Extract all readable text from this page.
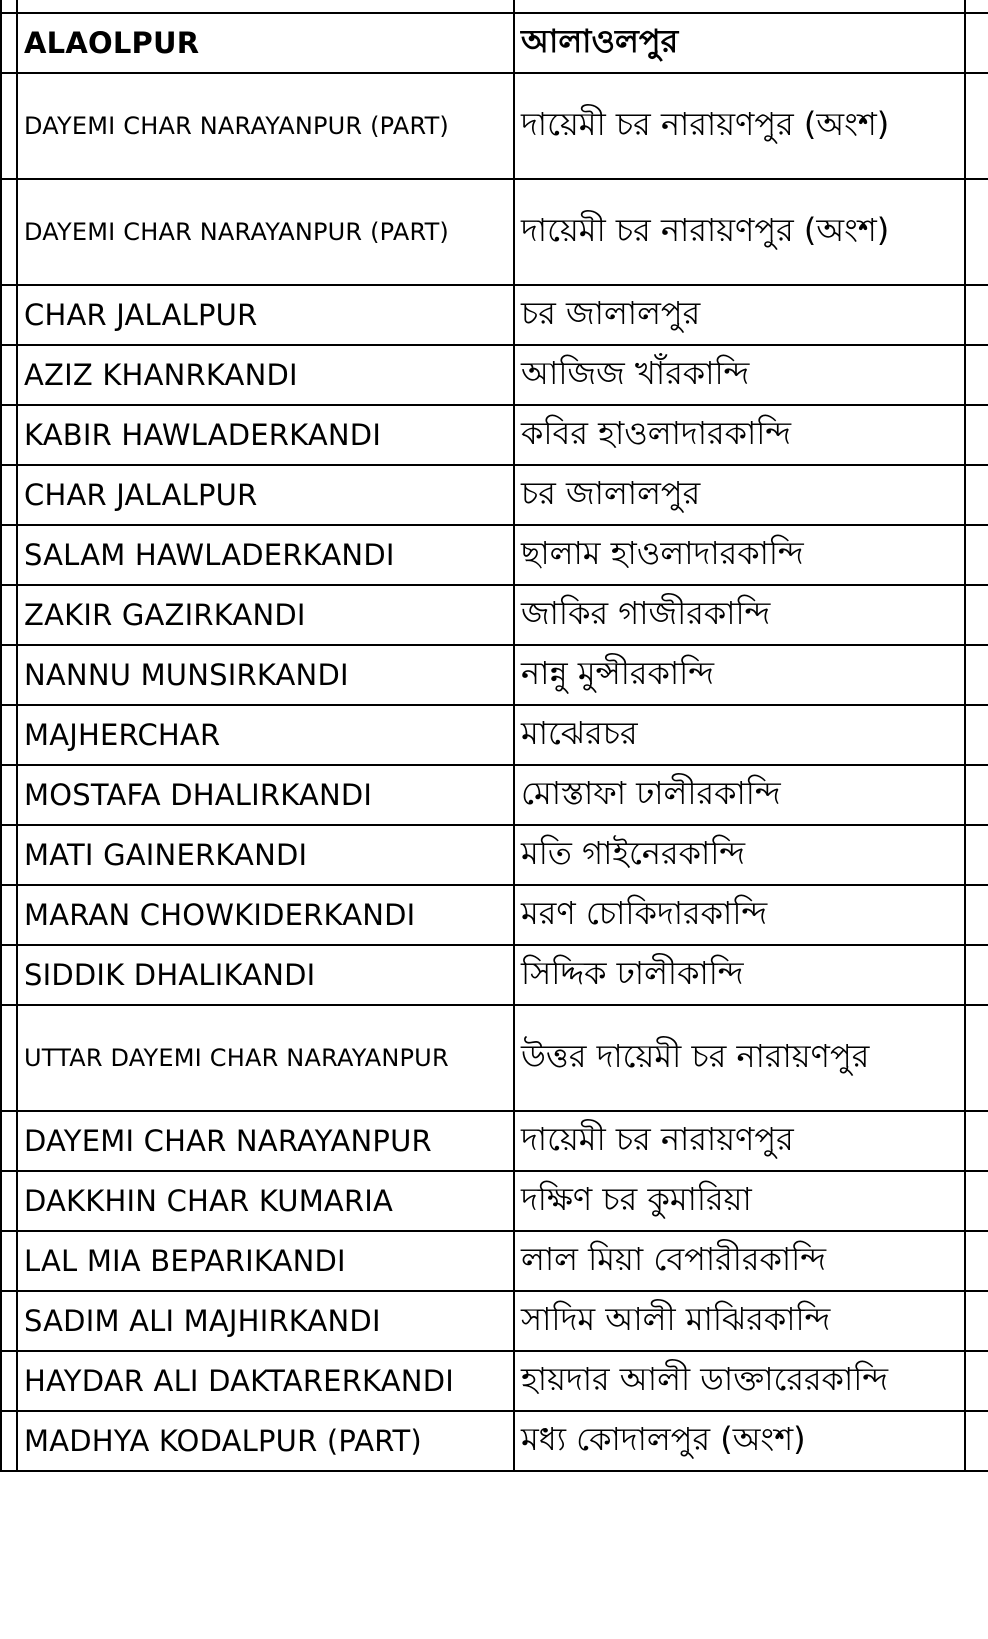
	ALAOLPUR	আলাওলপুর	
	DAYEMI CHAR NARAYANPUR (PART)	দায়েমী চর নারায়ণপুর (অংশ)	
	DAYEMI CHAR NARAYANPUR (PART)	দায়েমী চর নারায়ণপুর (অংশ)	
	CHAR JALALPUR	চর জালালপুর	
	AZIZ KHANRKANDI	আজিজ খাঁরকান্দি	
	KABIR HAWLADERKANDI	কবির হাওলাদারকান্দি	
	CHAR JALALPUR	চর জালালপুর	
	SALAM HAWLADERKANDI	ছালাম হাওলাদারকান্দি	
	ZAKIR GAZIRKANDI	জাকির গাজীরকান্দি	
	NANNU MUNSIRKANDI	নান্নু মুন্সীরকান্দি	
	MAJHERCHAR	মাঝেরচর	
	MOSTAFA DHALIRKANDI	মোস্তাফা ঢালীরকান্দি	
	MATI GAINERKANDI	মতি গাইনেরকান্দি	
	MARAN CHOWKIDERKANDI	মরণ চোকিদারকান্দি	
	SIDDIK DHALIKANDI	সিদ্দিক ঢালীকান্দি	
	UTTAR DAYEMI CHAR NARAYANPUR	উত্তর দায়েমী চর নারায়ণপুর	
	DAYEMI CHAR NARAYANPUR	দায়েমী চর নারায়ণপুর	
	DAKKHIN CHAR KUMARIA	দক্ষিণ চর কুমারিয়া	
	LAL MIA BEPARIKANDI	লাল মিয়া বেপারীরকান্দি	
	SADIM ALI MAJHIRKANDI	সাদিম আলী মাঝিরকান্দি	
	HAYDAR ALI DAKTARERKANDI	হায়দার আলী ডাক্তারেরকান্দি	
	MADHYA KODALPUR (PART)	মধ্য কোদালপুর (অংশ)	
